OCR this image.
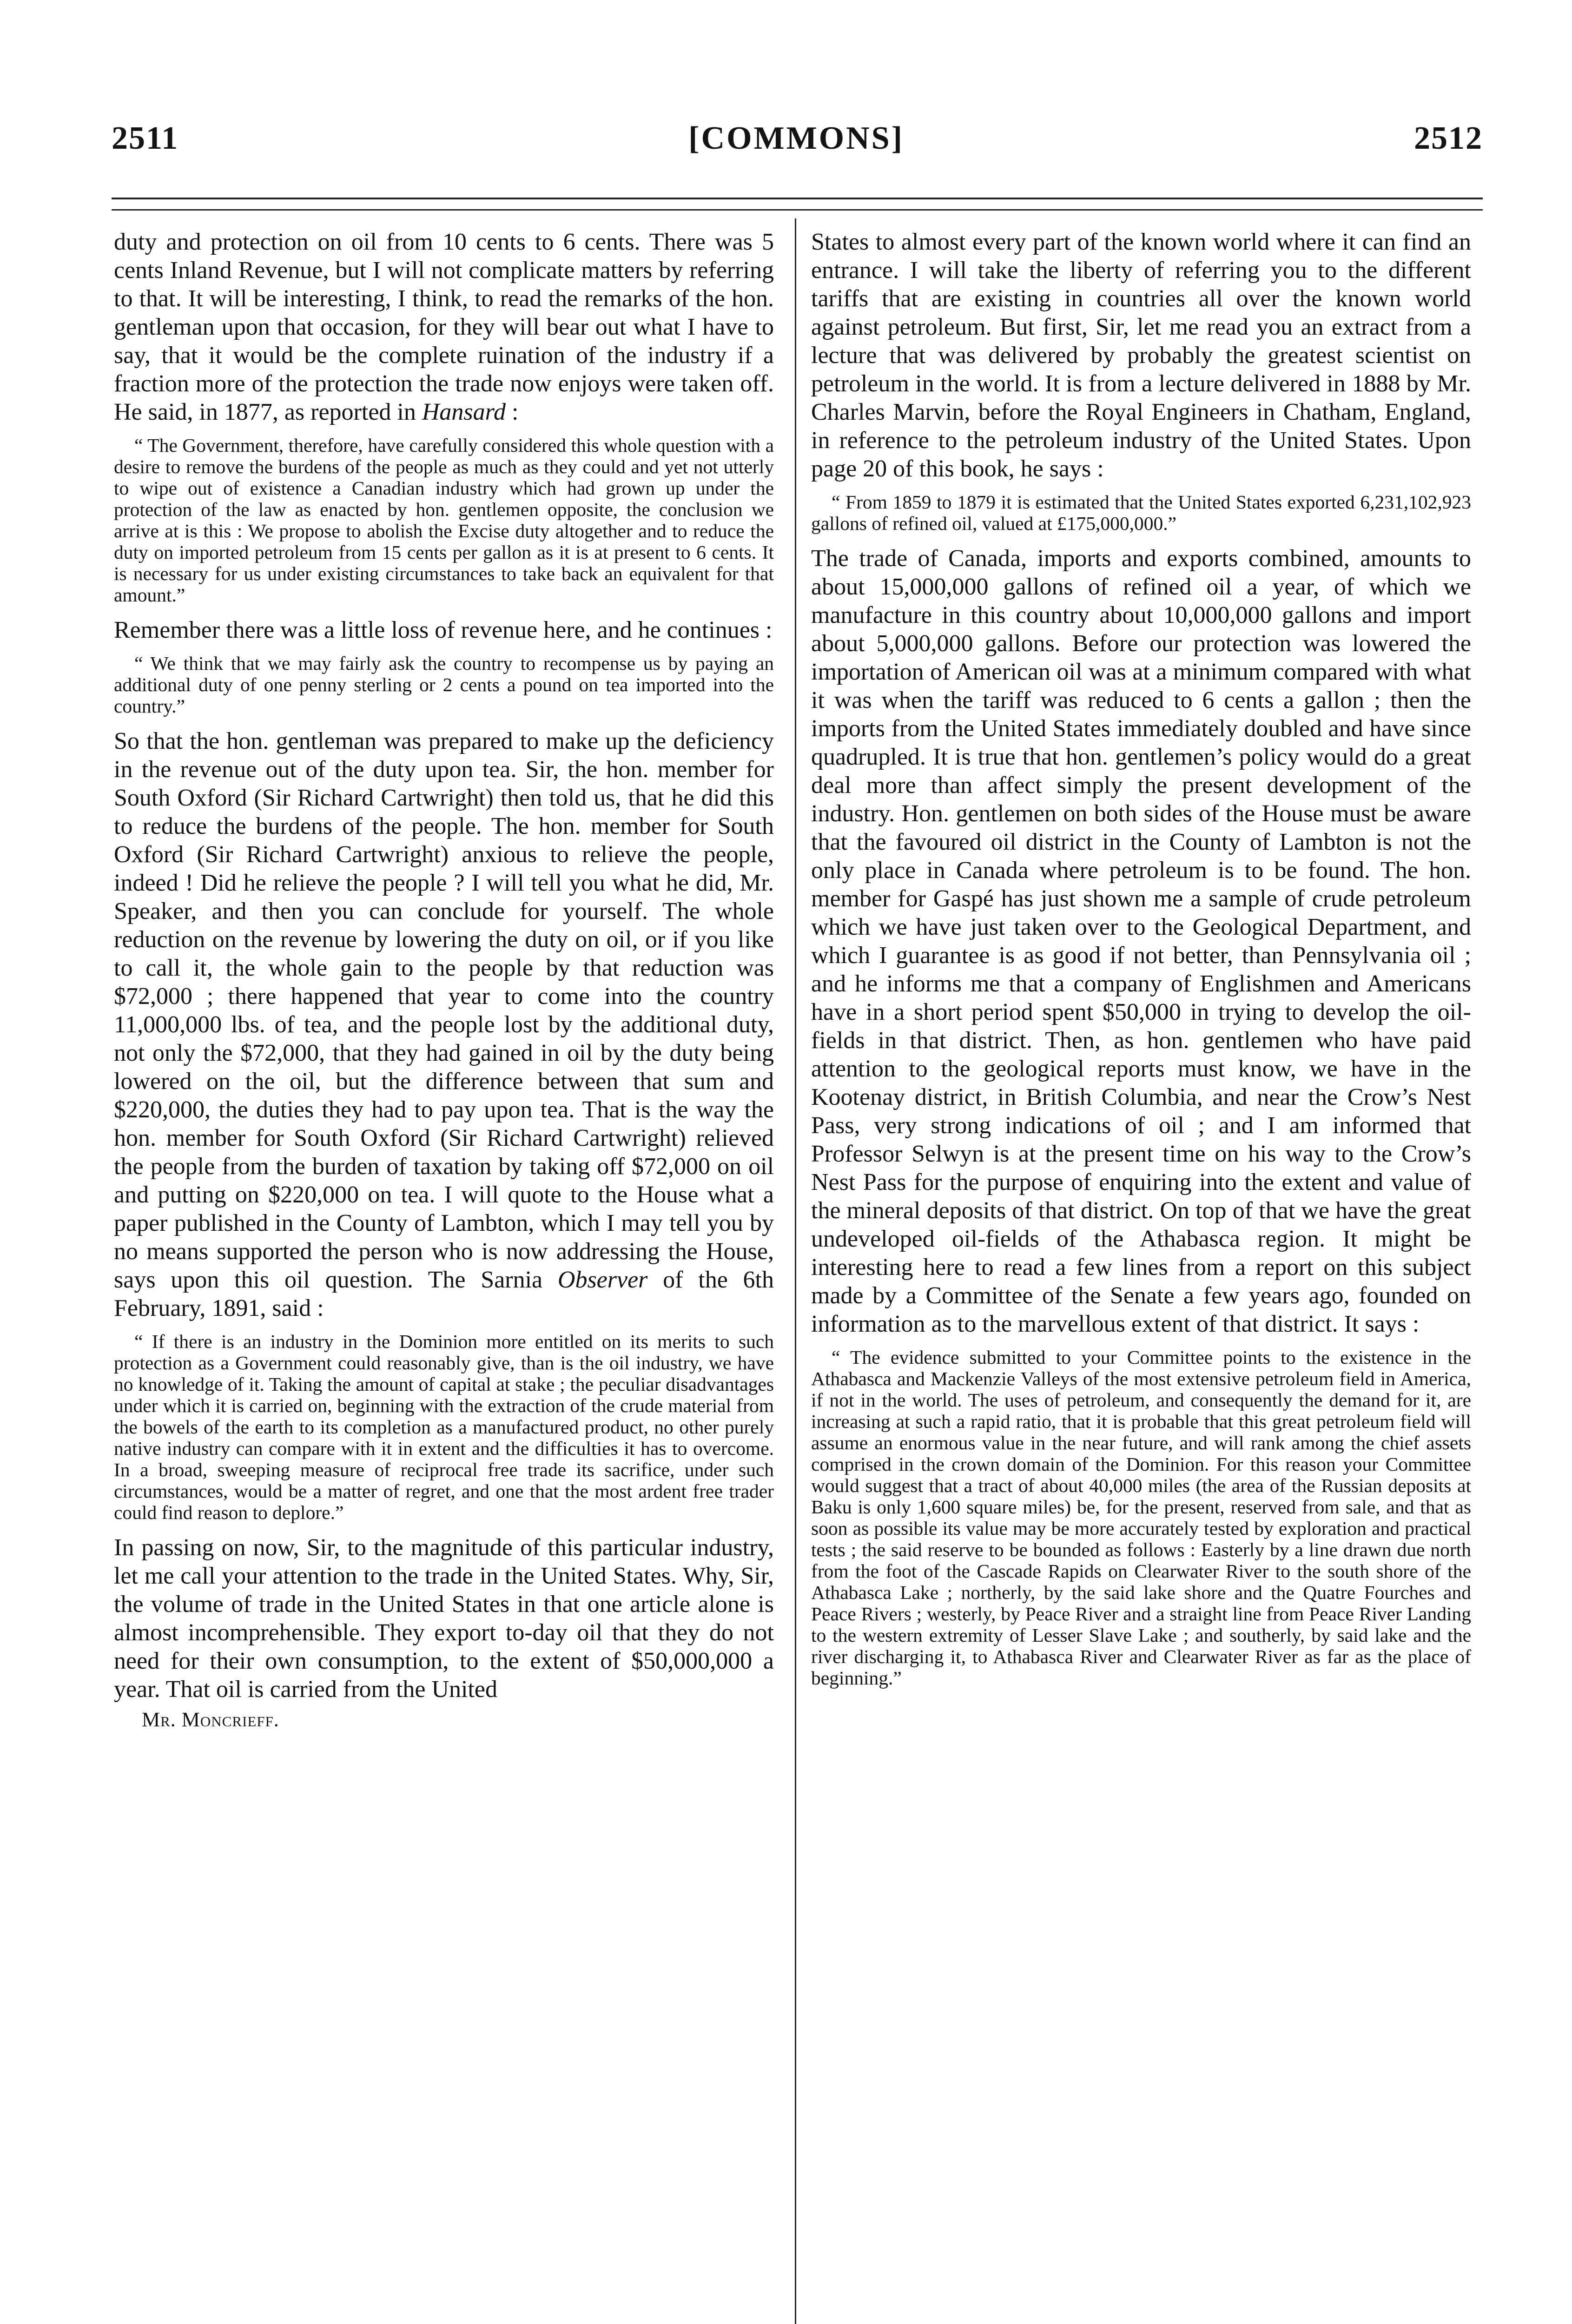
2511	[COMMONS]	2512

duty and protection on oil from 10 cents to 6 cents. There was 5 cents Inland Revenue, but I will not complicate matters by referring to that. It will be interesting, I think, to read the remarks of the hon. gentleman upon that occasion, for they will bear out what I have to say, that it would be the complete ruination of the industry if a fraction more of the protection the trade now enjoys were taken off. He said, in 1877, as reported in Hansard :

“ The Government, therefore, have carefully considered this whole question with a desire to remove the burdens of the people as much as they could and yet not utterly to wipe out of existence a Canadian industry which had grown up under the protection of the law as enacted by hon. gentlemen opposite, the conclusion we arrive at is this : We propose to abolish the Excise duty altogether and to reduce the duty on imported petroleum from 15 cents per gallon as it is at present to 6 cents. It is necessary for us under existing circumstances to take back an equivalent for that amount.”

Remember there was a little loss of revenue here, and he continues :

“ We think that we may fairly ask the country to recompense us by paying an additional duty of one penny sterling or 2 cents a pound on tea imported into the country.”

So that the hon. gentleman was prepared to make up the deficiency in the revenue out of the duty upon tea. Sir, the hon. member for South Oxford (Sir Richard Cartwright) then told us, that he did this to reduce the burdens of the people. The hon. member for South Oxford (Sir Richard Cartwright) anxious to relieve the people, indeed ! Did he relieve the people ? I will tell you what he did, Mr. Speaker, and then you can conclude for yourself. The whole reduction on the revenue by lowering the duty on oil, or if you like to call it, the whole gain to the people by that reduction was $72,000 ; there happened that year to come into the country 11,000,000 lbs. of tea, and the people lost by the additional duty, not only the $72,000, that they had gained in oil by the duty being lowered on the oil, but the difference between that sum and $220,000, the duties they had to pay upon tea. That is the way the hon. member for South Oxford (Sir Richard Cartwright) relieved the people from the burden of taxation by taking off $72,000 on oil and putting on $220,000 on tea. I will quote to the House what a paper published in the County of Lambton, which I may tell you by no means supported the person who is now addressing the House, says upon this oil question. The Sarnia Observer of the 6th February, 1891, said :

“ If there is an industry in the Dominion more entitled on its merits to such protection as a Government could reasonably give, than is the oil industry, we have no knowledge of it. Taking the amount of capital at stake ; the peculiar disadvantages under which it is carried on, beginning with the extraction of the crude material from the bowels of the earth to its completion as a manufactured product, no other purely native industry can compare with it in extent and the difficulties it has to overcome. In a broad, sweeping measure of reciprocal free trade its sacrifice, under such circumstances, would be a matter of regret, and one that the most ardent free trader could find reason to deplore.”

In passing on now, Sir, to the magnitude of this particular industry, let me call your attention to the trade in the United States. Why, Sir, the volume of trade in the United States in that one article alone is almost incomprehensible. They export to-day oil that they do not need for their own consumption, to the extent of $50,000,000 a year. That oil is carried from the United

Mr. Moncrieff.

States to almost every part of the known world where it can find an entrance. I will take the liberty of referring you to the different tariffs that are existing in countries all over the known world against petroleum. But first, Sir, let me read you an extract from a lecture that was delivered by probably the greatest scientist on petroleum in the world. It is from a lecture delivered in 1888 by Mr. Charles Marvin, before the Royal Engineers in Chatham, England, in reference to the petroleum industry of the United States. Upon page 20 of this book, he says :

“ From 1859 to 1879 it is estimated that the United States exported 6,231,102,923 gallons of refined oil, valued at £175,000,000.”

The trade of Canada, imports and exports combined, amounts to about 15,000,000 gallons of refined oil a year, of which we manufacture in this country about 10,000,000 gallons and import about 5,000,000 gallons. Before our protection was lowered the importation of American oil was at a minimum compared with what it was when the tariff was reduced to 6 cents a gallon ; then the imports from the United States immediately doubled and have since quadrupled. It is true that hon. gentlemen’s policy would do a great deal more than affect simply the present development of the industry. Hon. gentlemen on both sides of the House must be aware that the favoured oil district in the County of Lambton is not the only place in Canada where petroleum is to be found. The hon. member for Gaspé has just shown me a sample of crude petroleum which we have just taken over to the Geological Department, and which I guarantee is as good if not better, than Pennsylvania oil ; and he informs me that a company of Englishmen and Americans have in a short period spent $50,000 in trying to develop the oil-fields in that district. Then, as hon. gentlemen who have paid attention to the geological reports must know, we have in the Kootenay district, in British Columbia, and near the Crow’s Nest Pass, very strong indications of oil ; and I am informed that Professor Selwyn is at the present time on his way to the Crow’s Nest Pass for the purpose of enquiring into the extent and value of the mineral deposits of that district. On top of that we have the great undeveloped oil-fields of the Athabasca region. It might be interesting here to read a few lines from a report on this subject made by a Committee of the Senate a few years ago, founded on information as to the marvellous extent of that district. It says :

“ The evidence submitted to your Committee points to the existence in the Athabasca and Mackenzie Valleys of the most extensive petroleum field in America, if not in the world. The uses of petroleum, and consequently the demand for it, are increasing at such a rapid ratio, that it is probable that this great petroleum field will assume an enormous value in the near future, and will rank among the chief assets comprised in the crown domain of the Dominion. For this reason your Committee would suggest that a tract of about 40,000 miles (the area of the Russian deposits at Baku is only 1,600 square miles) be, for the present, reserved from sale, and that as soon as possible its value may be more accurately tested by exploration and practical tests ; the said reserve to be bounded as follows : Easterly by a line drawn due north from the foot of the Cascade Rapids on Clearwater River to the south shore of the Athabasca Lake ; northerly, by the said lake shore and the Quatre Fourches and Peace Rivers ; westerly, by Peace River and a straight line from Peace River Landing to the western extremity of Lesser Slave Lake ; and southerly, by said lake and the river discharging it, to Athabasca River and Clearwater River as far as the place of beginning.”
